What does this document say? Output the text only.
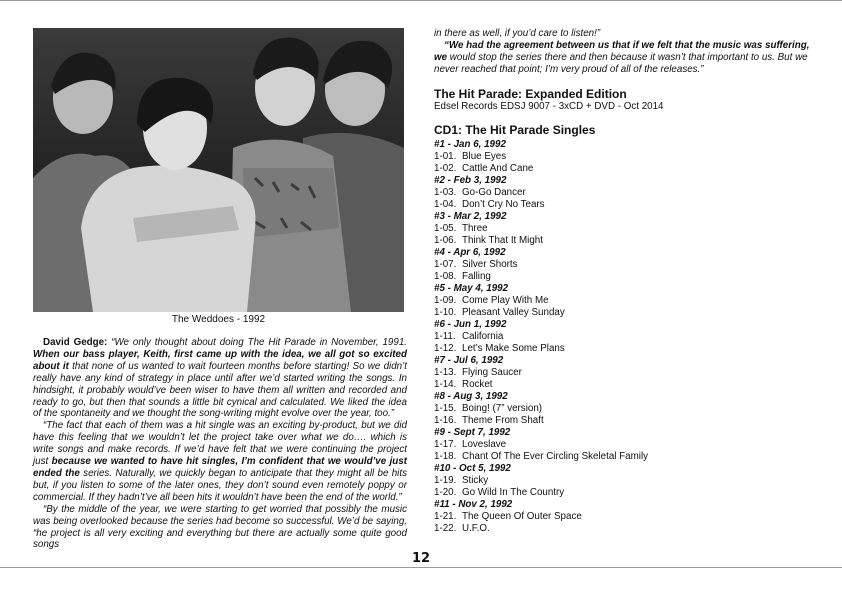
The Weddoes - 1992

David Gedge: “We only thought about doing The Hit Parade in November, 1991. When our bass player, Keith, first came up with the idea, we all got so excited about it that none of us wanted to wait fourteen months before starting! So we didn’t really have any kind of strategy in place until after we’d started writing the songs. In hindsight, it probably would’ve been wiser to have them all written and recorded and ready to go, but then that sounds a little bit cynical and calculated. We liked the idea of the spontaneity and we thought the song-writing might evolve over the year, too.”

“The fact that each of them was a hit single was an exciting by-product, but we did have this feeling that we wouldn’t let the project take over what we do…. which is write songs and make records. If we’d have felt that we were continuing the project just because we wanted to have hit singles, I’m confident that we would’ve just ended the series. Naturally, we quickly began to anticipate that they might all be hits but, if you listen to some of the later ones, they don’t sound even remotely poppy or commercial. If they hadn’t’ve all been hits it wouldn’t have been the end of the world.”

“By the middle of the year, we were starting to get worried that possibly the music was being overlooked because the series had become so successful. We’d be saying, “he project is all very exciting and everything but there are actually some quite good songs

in there as well, if you’d care to listen!”

“We had the agreement between us that if we felt that the music was suffering, we would stop the series there and then because it wasn’t that important to us. But we never reached that point; I’m very proud of all of the releases.”

The Hit Parade: Expanded Edition
Edsel Records EDSJ 9007 - 3xCD + DVD - Oct 2014
CD1: The Hit Parade Singles
#1 - Jan 6, 1992
1-01. Blue Eyes
1-02. Cattle And Cane
#2 - Feb 3, 1992
1-03. Go-Go Dancer
1-04. Don’t Cry No Tears
#3 - Mar 2, 1992
1-05. Three
1-06. Think That It Might
#4 - Apr 6, 1992
1-07. Silver Shorts
1-08. Falling
#5 - May 4, 1992
1-09. Come Play With Me
1-10. Pleasant Valley Sunday
#6 - Jun 1, 1992
1-11. California
1-12. Let’s Make Some Plans
#7 - Jul 6, 1992
1-13. Flying Saucer
1-14. Rocket
#8 - Aug 3, 1992
1-15. Boing! (7” version)
1-16. Theme From Shaft
#9 - Sept 7, 1992
1-17. Loveslave
1-18. Chant Of The Ever Circling Skeletal Family
#10 - Oct 5, 1992
1-19. Sticky
1-20. Go Wild In The Country
#11 - Nov 2, 1992
1-21. The Queen Of Outer Space
1-22. U.F.O.
12
